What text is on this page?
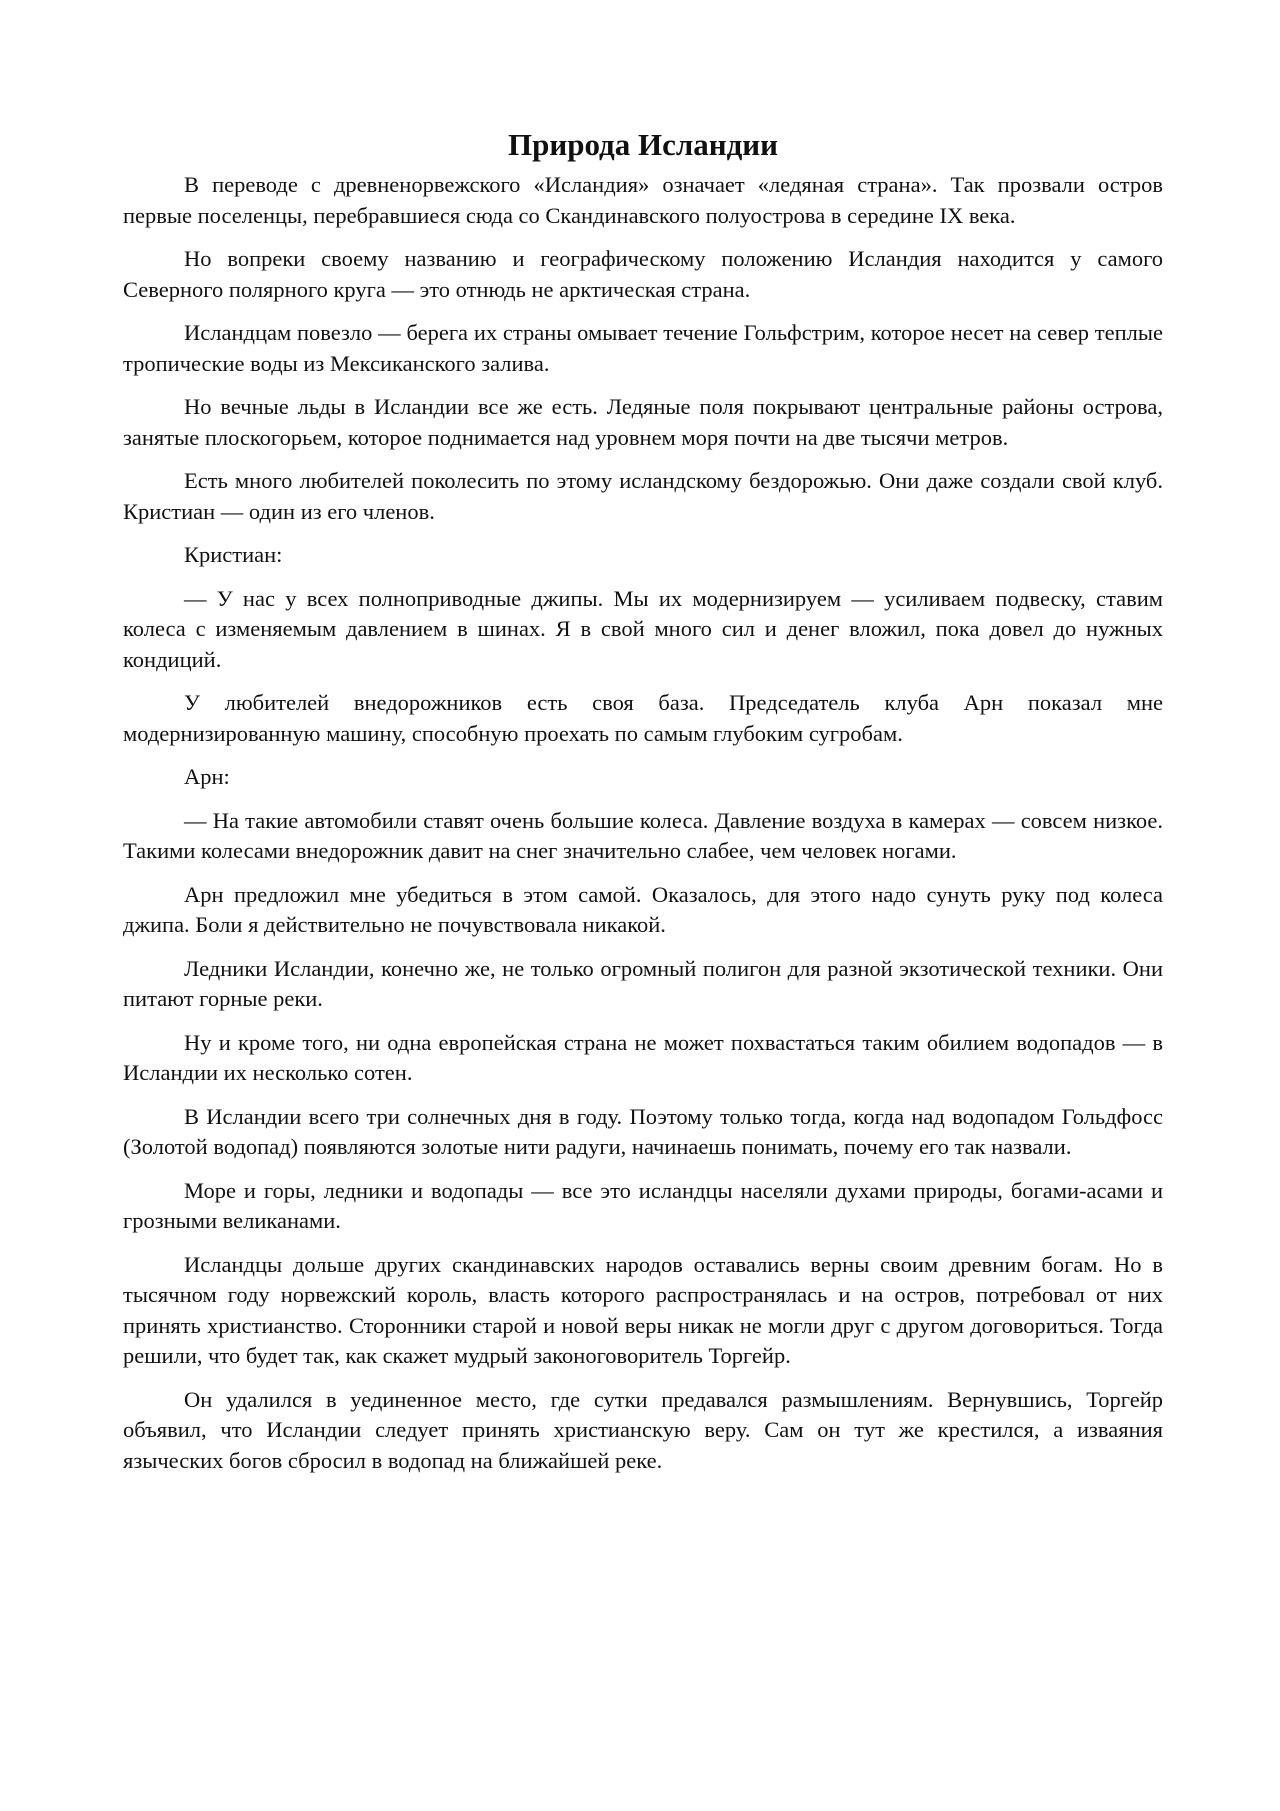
Природа Исландии

В переводе с древненорвежского «Исландия» означает «ледяная страна». Так прозвали остров первые поселенцы, перебравшиеся сюда со Скандинавского полуострова в середине IX века.

Но вопреки своему названию и географическому положению Исландия находится у самого Северного полярного круга — это отнюдь не арктическая страна.

Исландцам повезло — берега их страны омывает течение Гольфстрим, которое несет на север теплые тропические воды из Мексиканского залива.

Но вечные льды в Исландии все же есть. Ледяные поля покрывают центральные районы острова, занятые плоскогорьем, которое поднимается над уровнем моря почти на две тысячи метров.

Есть много любителей поколесить по этому исландскому бездорожью. Они даже создали свой клуб. Кристиан — один из его членов.

Кристиан:

— У нас у всех полноприводные джипы. Мы их модернизируем — усиливаем подвеску, ставим колеса с изменяемым давлением в шинах. Я в свой много сил и денег вложил, пока довел до нужных кондиций.

У любителей внедорожников есть своя база. Председатель клуба Арн показал мне модернизированную машину, способную проехать по самым глубоким сугробам.

Арн:

— На такие автомобили ставят очень большие колеса. Давление воздуха в камерах — совсем низкое. Такими колесами внедорожник давит на снег значительно слабее, чем человек ногами.

Арн предложил мне убедиться в этом самой. Оказалось, для этого надо сунуть руку под колеса джипа. Боли я действительно не почувствовала никакой.

Ледники Исландии, конечно же, не только огромный полигон для разной экзотической техники. Они питают горные реки.

Ну и кроме того, ни одна европейская страна не может похвастаться таким обилием водопадов — в Исландии их несколько сотен.

В Исландии всего три солнечных дня в году. Поэтому только тогда, когда над водопадом Гольдфосс (Золотой водопад) появляются золотые нити радуги, начинаешь понимать, почему его так назвали.

Море и горы, ледники и водопады — все это исландцы населяли духами природы, богами-асами и грозными великанами.

Исландцы дольше других скандинавских народов оставались верны своим древним богам. Но в тысячном году норвежский король, власть которого распространялась и на остров, потребовал от них принять христианство. Сторонники старой и новой веры никак не могли друг с другом договориться. Тогда решили, что будет так, как скажет мудрый законоговоритель Торгейр.

Он удалился в уединенное место, где сутки предавался размышлениям. Вернувшись, Торгейр объявил, что Исландии следует принять христианскую веру. Сам он тут же крестился, а изваяния языческих богов сбросил в водопад на ближайшей реке.
